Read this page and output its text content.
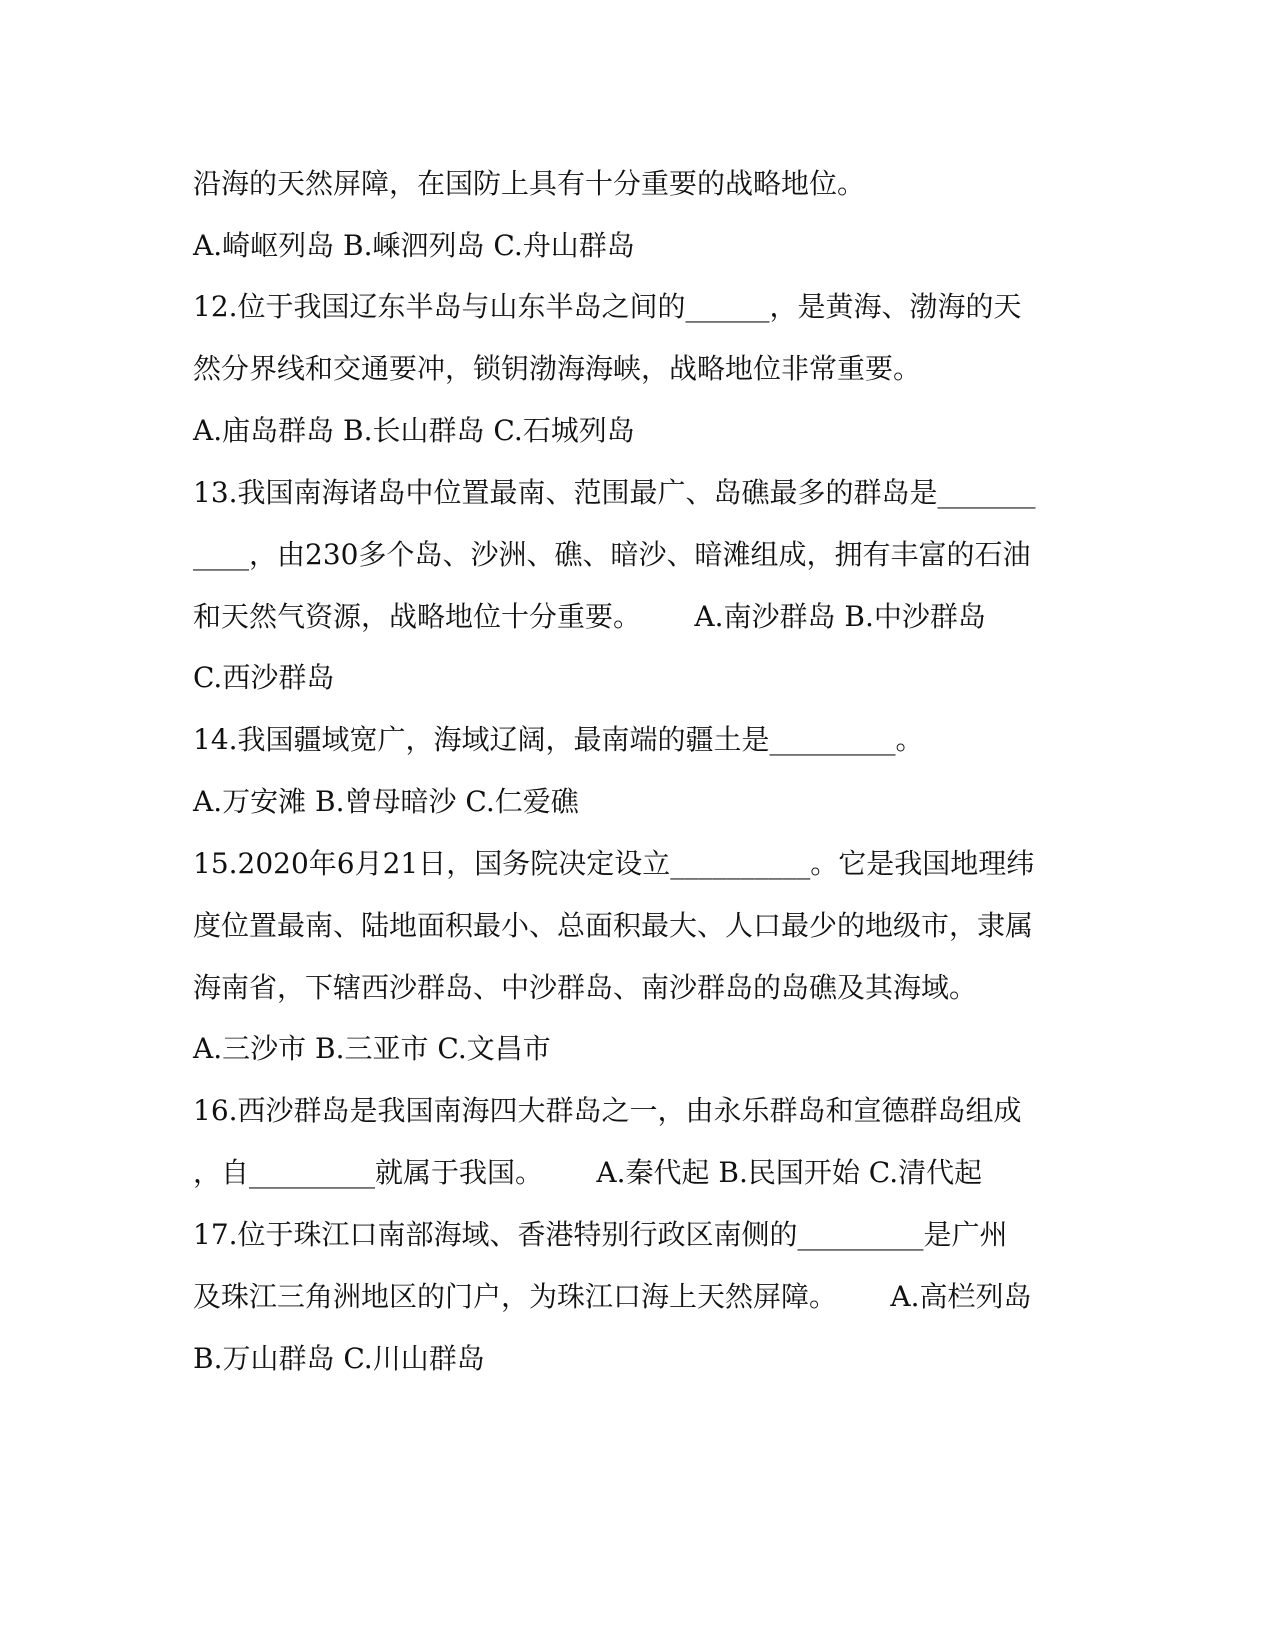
沿海的天然屏障，在国防上具有十分重要的战略地位。
A.崎岖列岛 B.嵊泗列岛 C.舟山群岛
12.位于我国辽东半岛与山东半岛之间的______，是黄海、渤海的天
然分界线和交通要冲，锁钥渤海海峡，战略地位非常重要。
A.庙岛群岛 B.长山群岛 C.石城列岛
13.我国南海诸岛中位置最南、范围最广、岛礁最多的群岛是_______
____，由230多个岛、沙洲、礁、暗沙、暗滩组成，拥有丰富的石油
和天然气资源，战略地位十分重要。      A.南沙群岛 B.中沙群岛
C.西沙群岛
14.我国疆域宽广，海域辽阔，最南端的疆土是_________。
A.万安滩 B.曾母暗沙 C.仁爱礁
15.2020年6月21日，国务院决定设立__________。它是我国地理纬
度位置最南、陆地面积最小、总面积最大、人口最少的地级市，隶属
海南省，下辖西沙群岛、中沙群岛、南沙群岛的岛礁及其海域。
A.三沙市 B.三亚市 C.文昌市
16.西沙群岛是我国南海四大群岛之一，由永乐群岛和宣德群岛组成
，自_________就属于我国。      A.秦代起 B.民国开始 C.清代起
17.位于珠江口南部海域、香港特别行政区南侧的_________是广州
及珠江三角洲地区的门户，为珠江口海上天然屏障。      A.高栏列岛
B.万山群岛 C.川山群岛
